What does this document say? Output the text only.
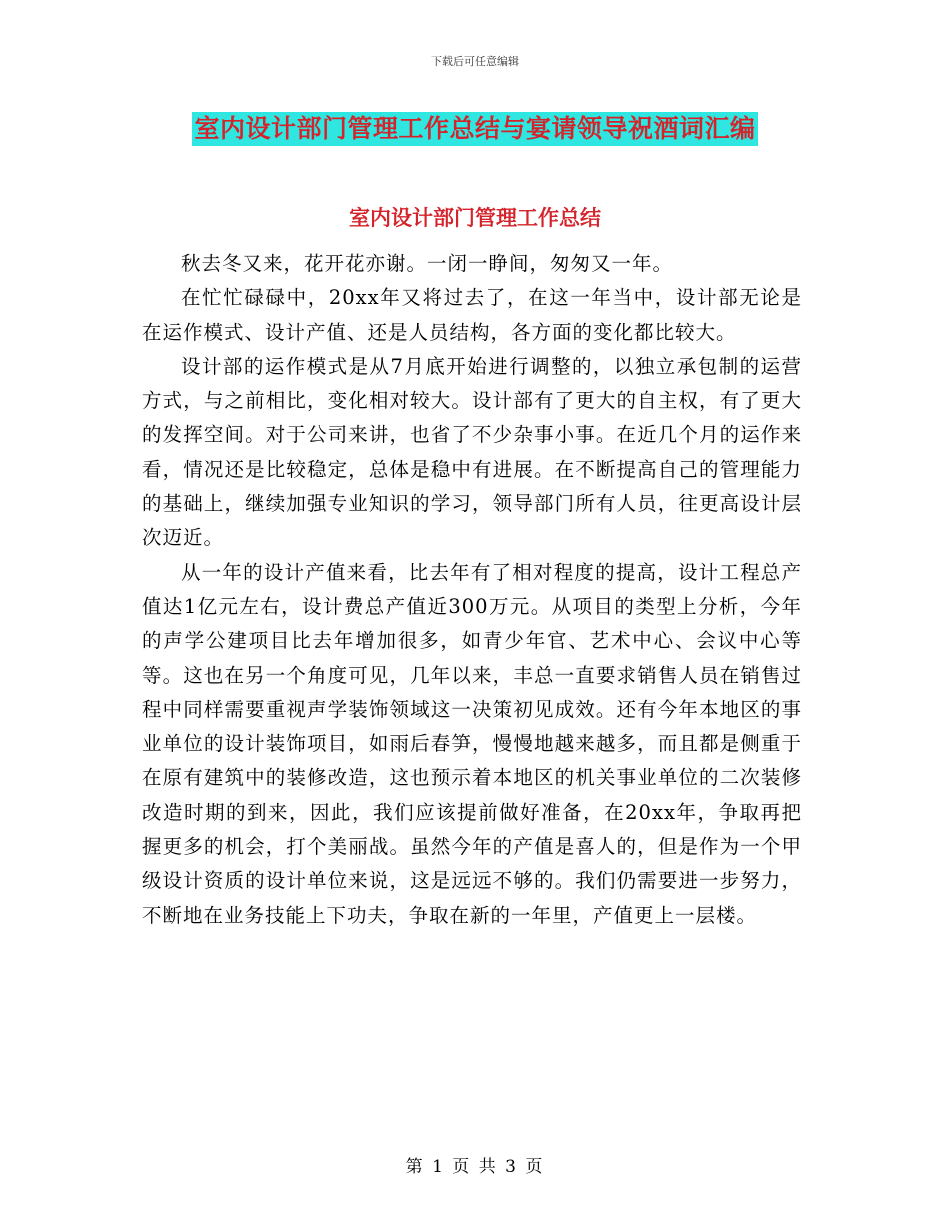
下载后可任意编辑
室内设计部门管理工作总结与宴请领导祝酒词汇编
室内设计部门管理工作总结

秋去冬又来，花开花亦谢。一闭一睁间，匆匆又一年。

在忙忙碌碌中，20xx年又将过去了，在这一年当中，设计部无论是在运作模式、设计产值、还是人员结构，各方面的变化都比较大。

设计部的运作模式是从7月底开始进行调整的，以独立承包制的运营方式，与之前相比，变化相对较大。设计部有了更大的自主权，有了更大的发挥空间。对于公司来讲，也省了不少杂事小事。在近几个月的运作来看，情况还是比较稳定，总体是稳中有进展。在不断提高自己的管理能力的基础上，继续加强专业知识的学习，领导部门所有人员，往更高设计层次迈近。

从一年的设计产值来看，比去年有了相对程度的提高，设计工程总产值达1亿元左右，设计费总产值近300万元。从项目的类型上分析，今年的声学公建项目比去年增加很多，如青少年官、艺术中心、会议中心等等。这也在另一个角度可见，几年以来，丰总一直要求销售人员在销售过程中同样需要重视声学装饰领域这一决策初见成效。还有今年本地区的事业单位的设计装饰项目，如雨后春笋，慢慢地越来越多，而且都是侧重于在原有建筑中的装修改造，这也预示着本地区的机关事业单位的二次装修改造时期的到来，因此，我们应该提前做好准备，在20xx年，争取再把握更多的机会，打个美丽战。虽然今年的产值是喜人的，但是作为一个甲级设计资质的设计单位来说，这是远远不够的。我们仍需要进一步努力，不断地在业务技能上下功夫，争取在新的一年里，产值更上一层楼。

第 1 页 共 3 页
